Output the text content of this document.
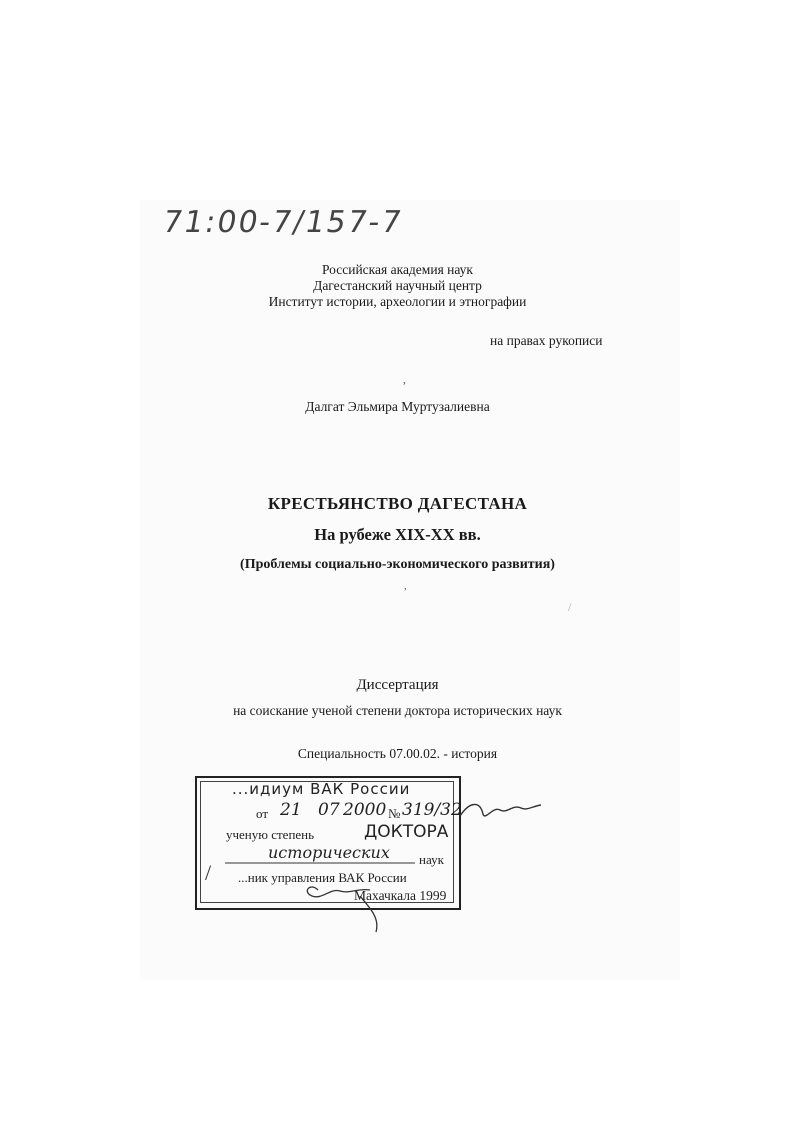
71:00-7/157-7
Российская академия наук
Дагестанский научный центр
Институт истории, археологии и этнографии
на правах рукописи
,
Далгат Эльмира Муртузалиевна
КРЕСТЬЯНСТВО ДАГЕСТАНА
На рубеже XIX-XX вв.
(Проблемы социально-экономического развития)
,
/
Диссертация
на соискание ученой степени доктора исторических наук
Специальность 07.00.02. - история
...идиум ВАК России
от 21 07 2000 № 319/32
ученую степень	ДОКТОРА
исторических наук
...ник управления ВАК России
Махачкала 1999
/
